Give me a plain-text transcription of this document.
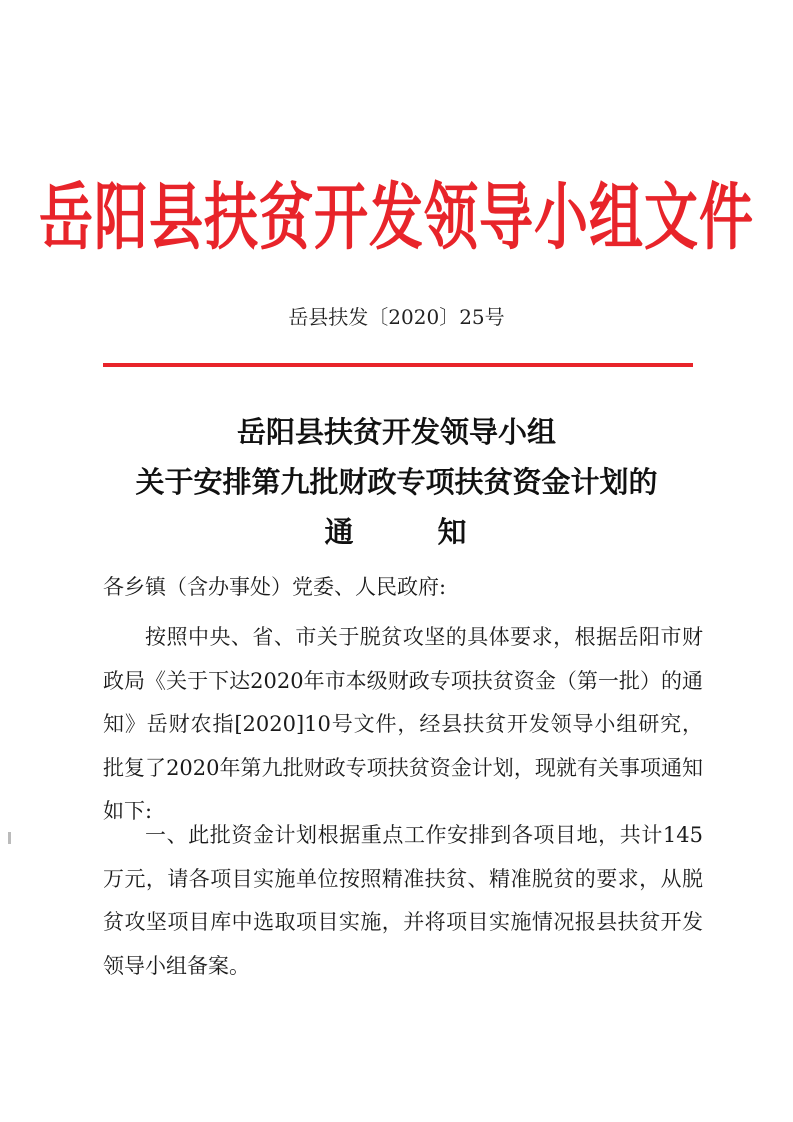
岳阳县扶贫开发领导小组文件
岳县扶发〔2020〕25号
岳阳县扶贫开发领导小组
关于安排第九批财政专项扶贫资金计划的
通	知
各乡镇（含办事处）党委、人民政府:
按照中央、省、市关于脱贫攻坚的具体要求，根据岳阳市财政局《关于下达2020年市本级财政专项扶贫资金（第一批）的通知》岳财农指[2020]10号文件，经县扶贫开发领导小组研究，批复了2020年第九批财政专项扶贫资金计划，现就有关事项通知如下:
一、此批资金计划根据重点工作安排到各项目地，共计145万元，请各项目实施单位按照精准扶贫、精准脱贫的要求，从脱贫攻坚项目库中选取项目实施，并将项目实施情况报县扶贫开发领导小组备案。
